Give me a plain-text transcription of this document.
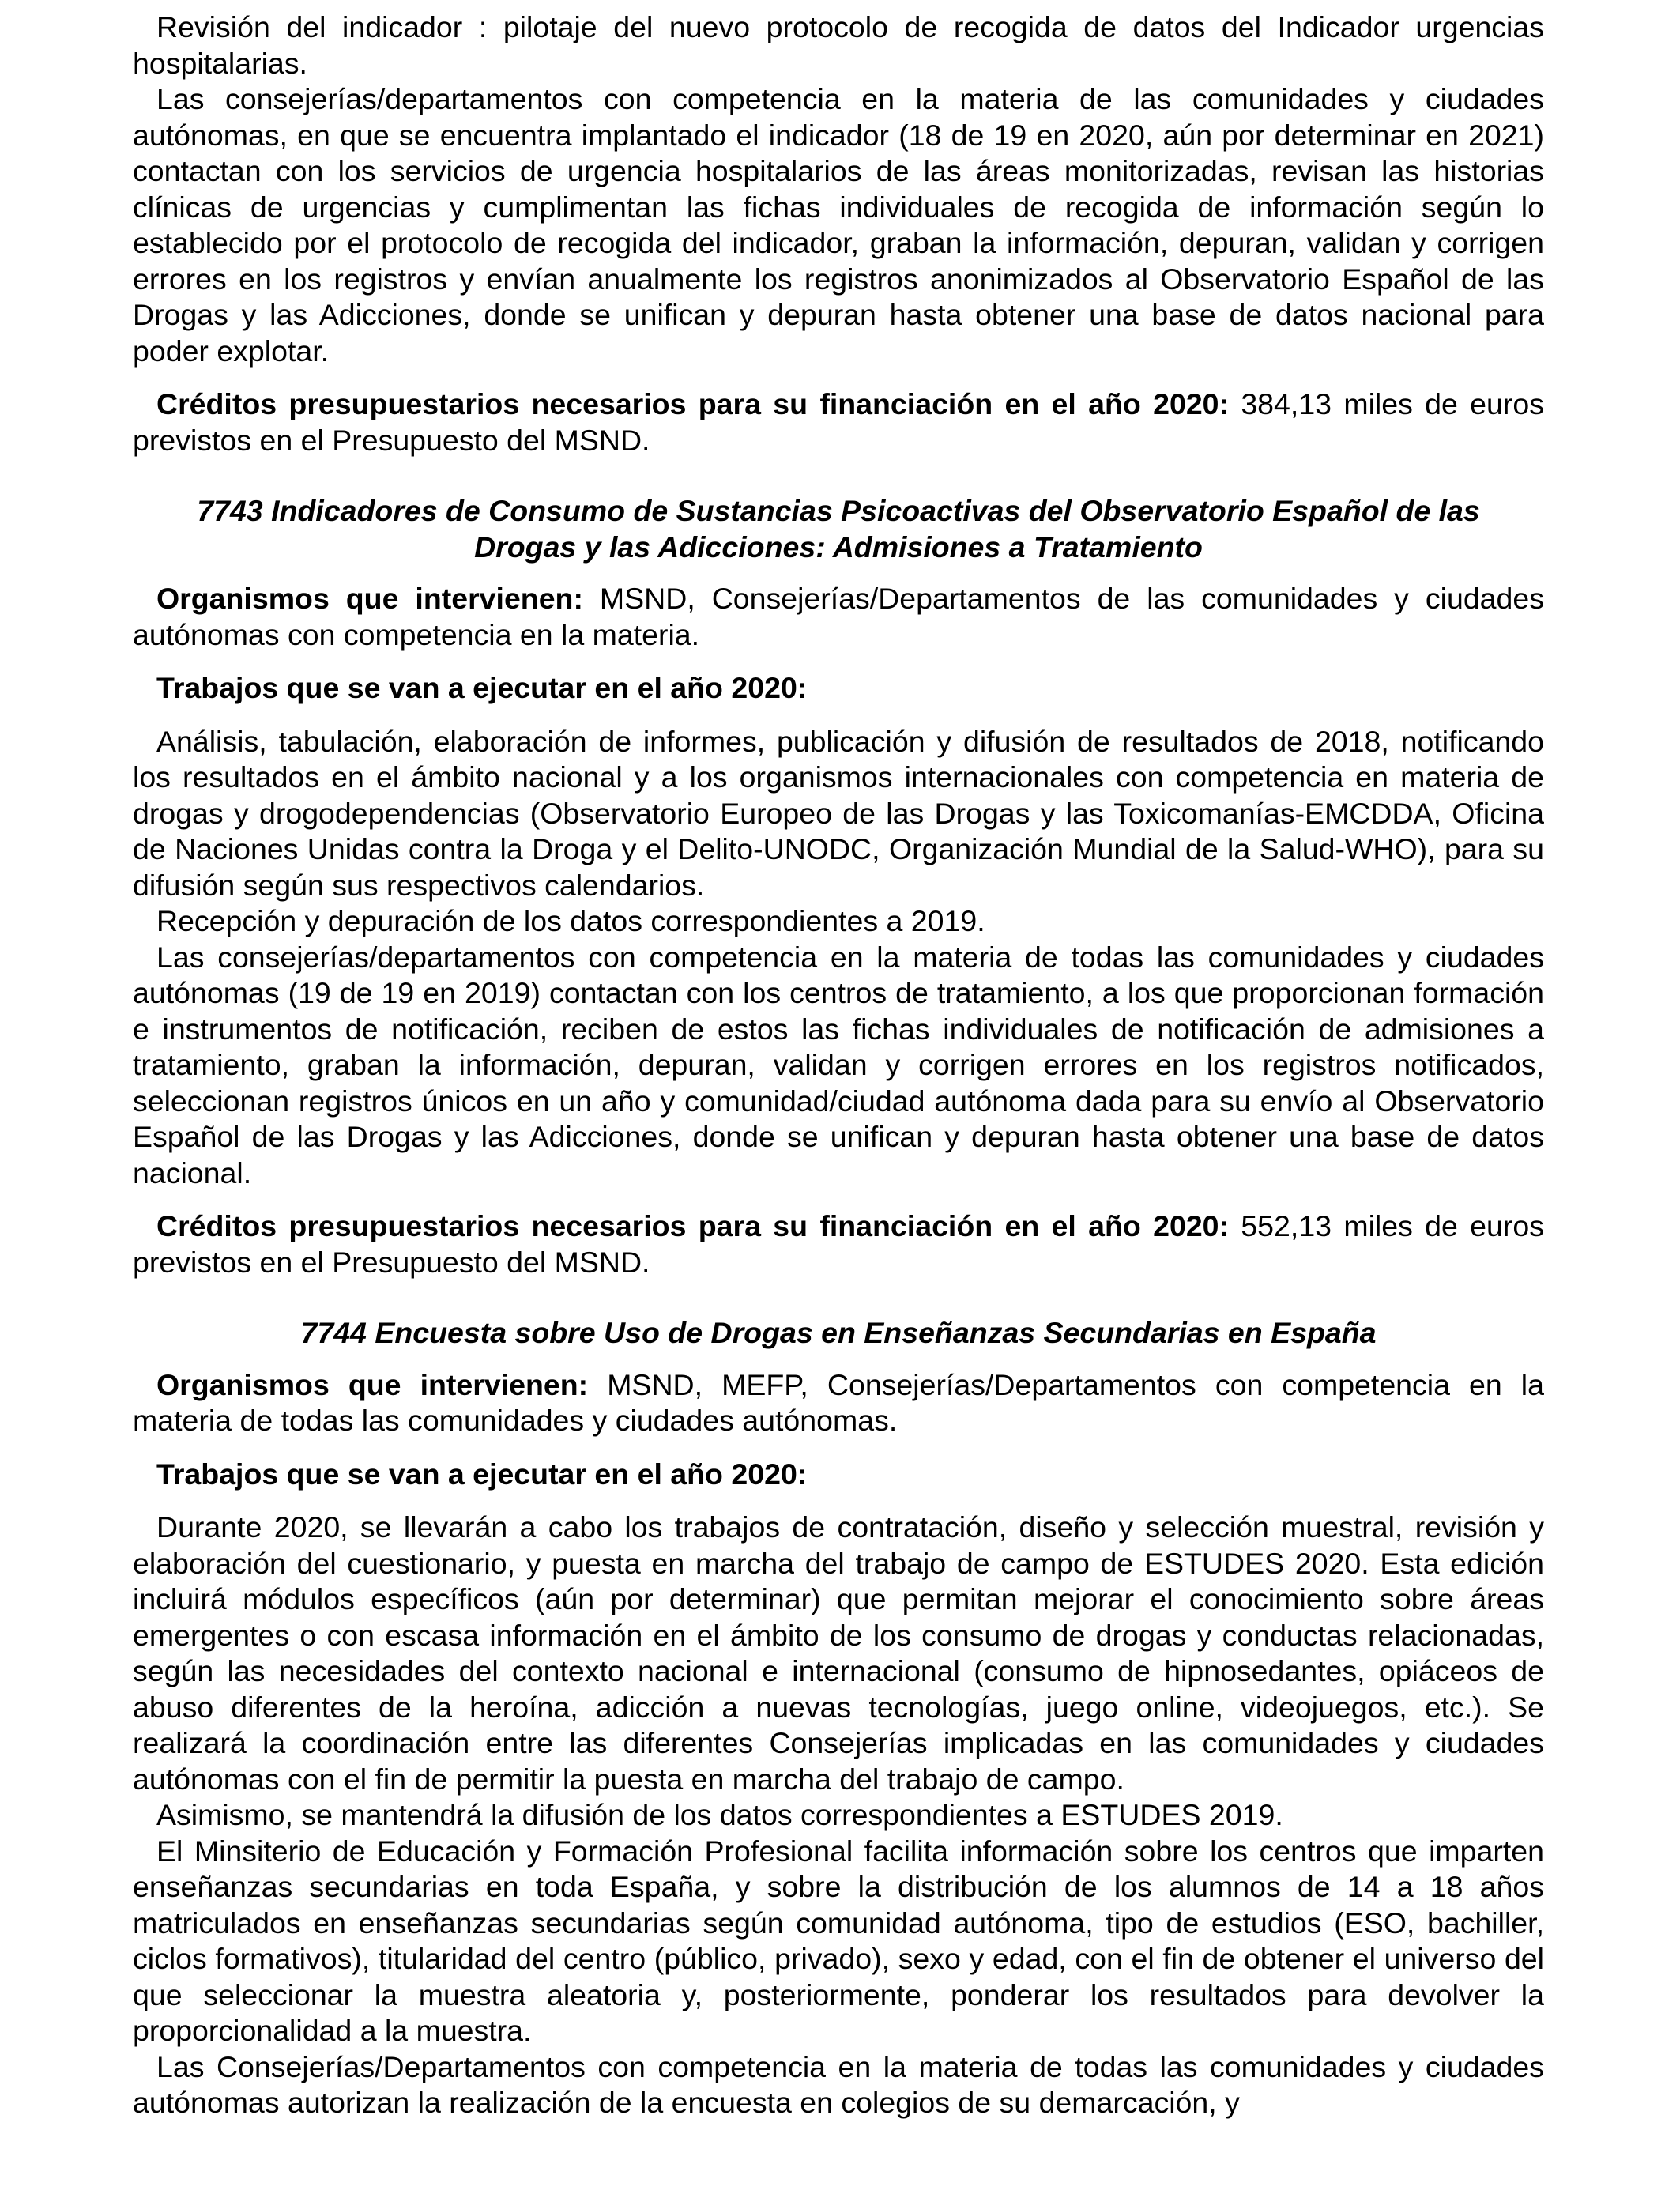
Revisión del indicador : pilotaje del nuevo protocolo de recogida de datos del Indicador urgencias hospitalarias.

Las consejerías/departamentos con competencia en la materia de las comunidades y ciudades autónomas, en que se encuentra implantado el indicador (18 de 19 en 2020, aún por determinar en 2021) contactan con los servicios de urgencia hospitalarios de las áreas monitorizadas, revisan las historias clínicas de urgencias y cumplimentan las fichas individuales de recogida de información según lo establecido por el protocolo de recogida del indicador, graban la información, depuran, validan y corrigen errores en los registros y envían anualmente los registros anonimizados al Observatorio Español de las Drogas y las Adicciones, donde se unifican y depuran hasta obtener una base de datos nacional para poder explotar.

Créditos presupuestarios necesarios para su financiación en el año 2020: 384,13 miles de euros previstos en el Presupuesto del MSND.

7743 Indicadores de Consumo de Sustancias Psicoactivas del Observatorio Español de las Drogas y las Adicciones: Admisiones a Tratamiento

Organismos que intervienen: MSND, Consejerías/Departamentos de las comunidades y ciudades autónomas con competencia en la materia.

Trabajos que se van a ejecutar en el año 2020:

Análisis, tabulación, elaboración de informes, publicación y difusión de resultados de 2018, notificando los resultados en el ámbito nacional y a los organismos internacionales con competencia en materia de drogas y drogodependencias (Observatorio Europeo de las Drogas y las Toxicomanías-EMCDDA, Oficina de Naciones Unidas contra la Droga y el Delito-UNODC, Organización Mundial de la Salud-WHO), para su difusión según sus respectivos calendarios.

Recepción y depuración de los datos correspondientes a 2019.

Las consejerías/departamentos con competencia en la materia de todas las comunidades y ciudades autónomas (19 de 19 en 2019) contactan con los centros de tratamiento, a los que proporcionan formación e instrumentos de notificación, reciben de estos las fichas individuales de notificación de admisiones a tratamiento, graban la información, depuran, validan y corrigen errores en los registros notificados, seleccionan registros únicos en un año y comunidad/ciudad autónoma dada para su envío al Observatorio Español de las Drogas y las Adicciones, donde se unifican y depuran hasta obtener una base de datos nacional.

Créditos presupuestarios necesarios para su financiación en el año 2020: 552,13 miles de euros previstos en el Presupuesto del MSND.

7744 Encuesta sobre Uso de Drogas en Enseñanzas Secundarias en España

Organismos que intervienen: MSND, MEFP, Consejerías/Departamentos con competencia en la materia de todas las comunidades y ciudades autónomas.

Trabajos que se van a ejecutar en el año 2020:

Durante 2020, se llevarán a cabo los trabajos de contratación, diseño y selección muestral, revisión y elaboración del cuestionario, y puesta en marcha del trabajo de campo de ESTUDES 2020. Esta edición incluirá módulos específicos (aún por determinar) que permitan mejorar el conocimiento sobre áreas emergentes o con escasa información en el ámbito de los consumo de drogas y conductas relacionadas, según las necesidades del contexto nacional e internacional (consumo de hipnosedantes, opiáceos de abuso diferentes de la heroína, adicción a nuevas tecnologías, juego online, videojuegos, etc.). Se realizará la coordinación entre las diferentes Consejerías implicadas en las comunidades y ciudades autónomas con el fin de permitir la puesta en marcha del trabajo de campo.

Asimismo, se mantendrá la difusión de los datos correspondientes a ESTUDES 2019.

El Minsiterio de Educación y Formación Profesional facilita información sobre los centros que imparten enseñanzas secundarias en toda España, y sobre la distribución de los alumnos de 14 a 18 años matriculados en enseñanzas secundarias según comunidad autónoma, tipo de estudios (ESO, bachiller, ciclos formativos), titularidad del centro (público, privado), sexo y edad, con el fin de obtener el universo del que seleccionar la muestra aleatoria y, posteriormente, ponderar los resultados para devolver la proporcionalidad a la muestra.

Las Consejerías/Departamentos con competencia en la materia de todas las comunidades y ciudades autónomas autorizan la realización de la encuesta en colegios de su demarcación, y
